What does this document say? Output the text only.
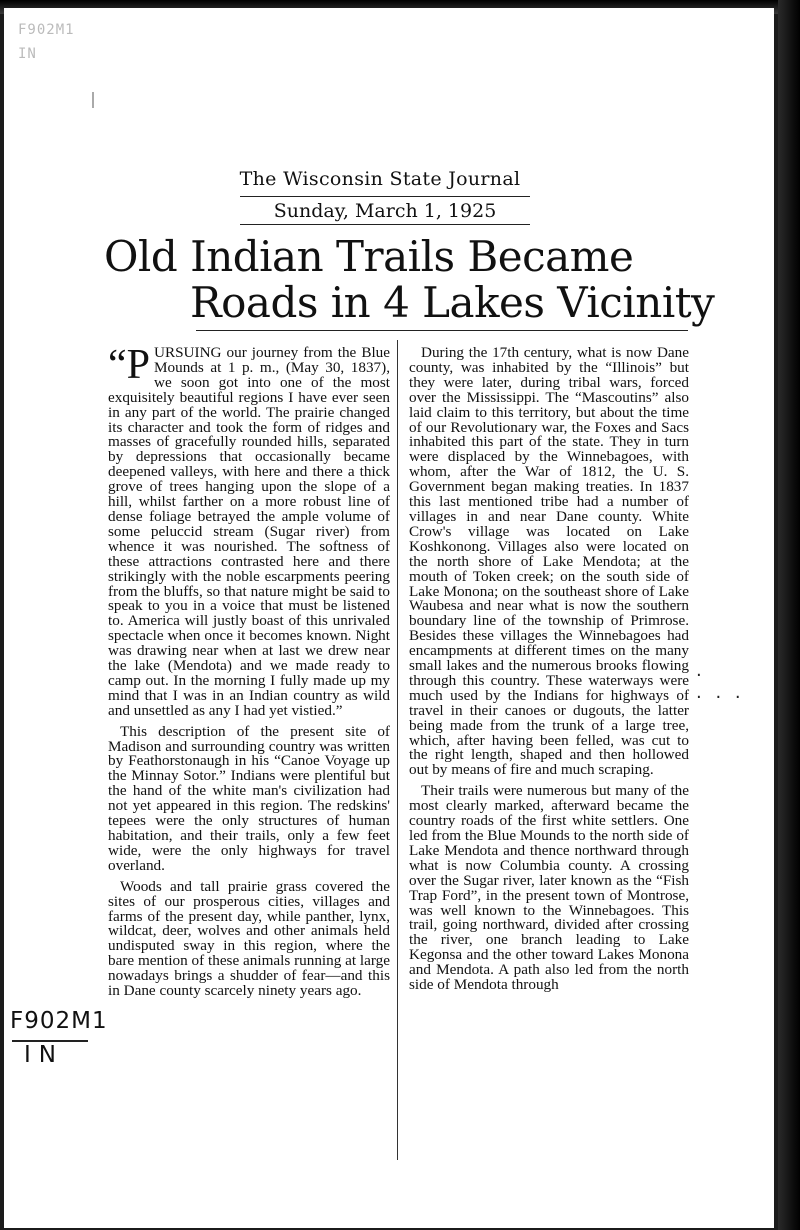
F902M1
IN
The Wisconsin State Journal
Sunday, March 1, 1925
Old Indian Trails Became
Roads in 4 Lakes Vicinity

“P URSUING our journey from the Blue Mounds at 1 p. m., (May 30, 1837), we soon got into one of the most exquisitely beautiful regions I have ever seen in any part of the world. The prairie changed its character and took the form of ridges and masses of gracefully rounded hills, separated by depressions that occasionally became deepened valleys, with here and there a thick grove of trees hanging upon the slope of a hill, whilst farther on a more robust line of dense foliage betrayed the ample volume of some peluccid stream (Sugar river) from whence it was nourished. The softness of these attractions contrasted here and there strikingly with the noble escarpments peering from the bluffs, so that nature might be said to speak to you in a voice that must be listened to. America will justly boast of this unrivaled spectacle when once it becomes known. Night was drawing near when at last we drew near the lake (Mendota) and we made ready to camp out. In the morning I fully made up my mind that I was in an Indian country as wild and unsettled as any I had yet vistied.”

This description of the present site of Madison and surrounding country was written by Feathorstonaugh in his “Canoe Voyage up the Minnay Sotor.” Indians were plentiful but the hand of the white man's civilization had not yet appeared in this region. The redskins' tepees were the only structures of human habitation, and their trails, only a few feet wide, were the only highways for travel overland.

Woods and tall prairie grass covered the sites of our prosperous cities, villages and farms of the present day, while panther, lynx, wildcat, deer, wolves and other animals held undisputed sway in this region, where the bare mention of these animals running at large nowadays brings a shudder of fear—and this in Dane county scarcely ninety years ago.

During the 17th century, what is now Dane county, was inhabited by the “Illinois” but they were later, during tribal wars, forced over the Mississippi. The “Mascoutins” also laid claim to this territory, but about the time of our Revolutionary war, the Foxes and Sacs inhabited this part of the state. They in turn were displaced by the Winnebagoes, with whom, after the War of 1812, the U. S. Government began making treaties. In 1837 this last mentioned tribe had a number of villages in and near Dane county. White Crow's village was located on Lake Koshkonong. Villages also were located on the north shore of Lake Mendota; at the mouth of Token creek; on the south side of Lake Monona; on the southeast shore of Lake Waubesa and near what is now the southern boundary line of the township of Primrose. Besides these villages the Winnebagoes had encampments at different times on the many small lakes and the numerous brooks flowing through this country. These waterways were much used by the Indians for highways of travel in their canoes or dugouts, the latter being made from the trunk of a large tree, which, after having been felled, was cut to the right length, shaped and then hollowed out by means of fire and much scraping.

Their trails were numerous but many of the most clearly marked, afterward became the country roads of the first white settlers. One led from the Blue Mounds to the north side of Lake Mendota and thence northward through what is now Columbia county. A crossing over the Sugar river, later known as the “Fish Trap Ford”, in the present town of Montrose, was well known to the Winnebagoes. This trail, going northward, divided after crossing the river, one branch leading to Lake Kegonsa and the other toward Lakes Monona and Mendota. A path also led from the north side of Mendota through

.
. . .
F902M1
IN
